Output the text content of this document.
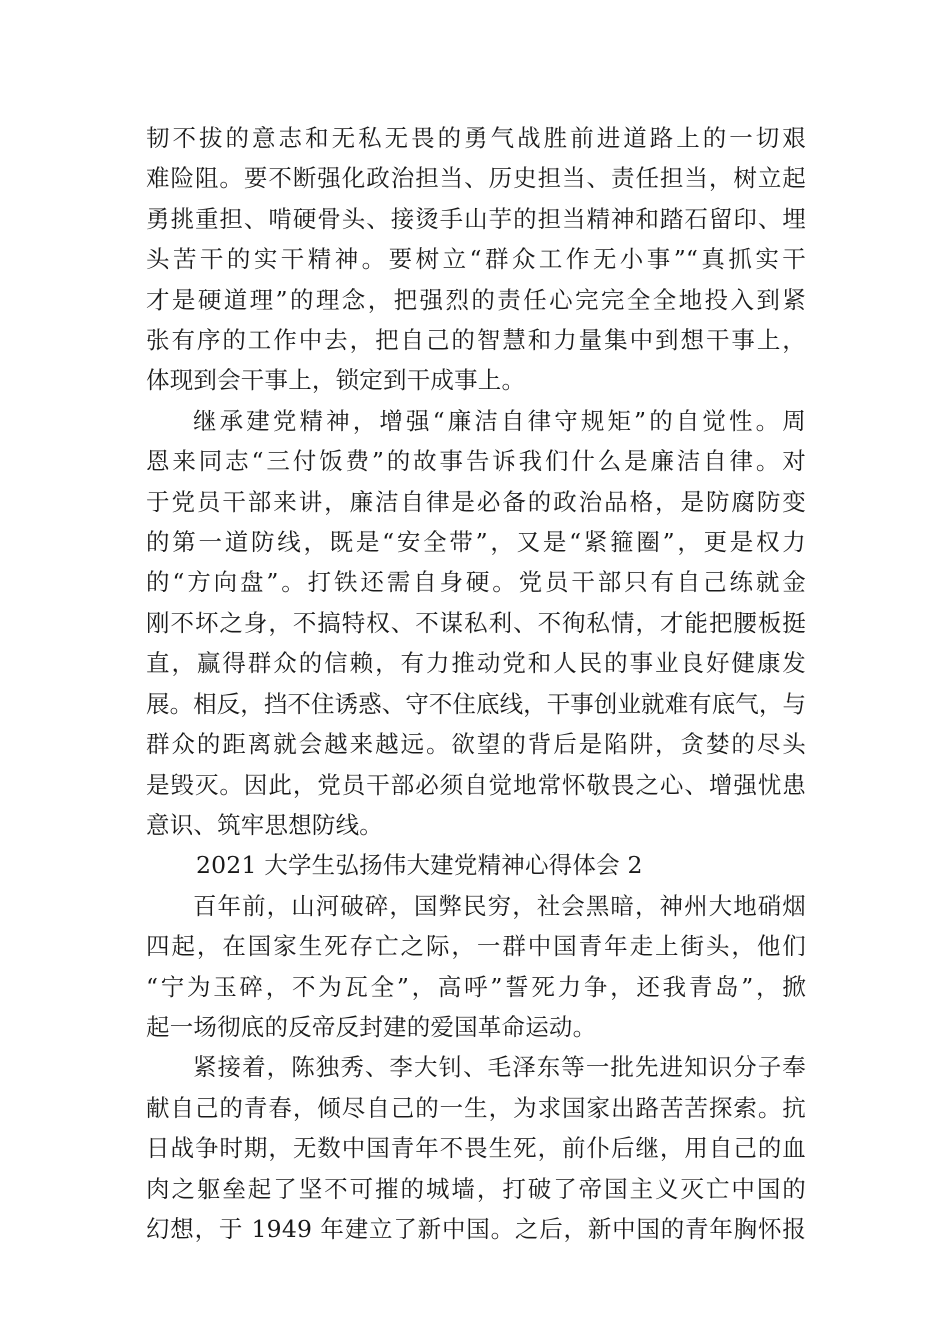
韧不拔的意志和无私无畏的勇气战胜前进道路上的一切艰
难险阻。要不断强化政治担当、历史担当、责任担当，树立起
勇挑重担、啃硬骨头、接烫手山芋的担当精神和踏石留印、埋
头苦干的实干精神。要树立“群众工作无小事”“真抓实干
才是硬道理”的理念，把强烈的责任心完完全全地投入到紧
张有序的工作中去，把自己的智慧和力量集中到想干事上，
体现到会干事上，锁定到干成事上。

继承建党精神，增强“廉洁自律守规矩”的自觉性。周
恩来同志“三付饭费”的故事告诉我们什么是廉洁自律。对
于党员干部来讲，廉洁自律是必备的政治品格，是防腐防变
的第一道防线，既是“安全带”，又是“紧箍圈”，更是权力
的“方向盘”。打铁还需自身硬。党员干部只有自己练就金
刚不坏之身，不搞特权、不谋私利、不徇私情，才能把腰板挺
直，赢得群众的信赖，有力推动党和人民的事业良好健康发
展。相反，挡不住诱惑、守不住底线，干事创业就难有底气，与
群众的距离就会越来越远。欲望的背后是陷阱，贪婪的尽头
是毁灭。因此，党员干部必须自觉地常怀敬畏之心、增强忧患
意识、筑牢思想防线。

2021 大学生弘扬伟大建党精神心得体会 2

百年前，山河破碎，国弊民穷，社会黑暗，神州大地硝烟
四起，在国家生死存亡之际，一群中国青年走上街头，他们
“宁为玉碎，不为瓦全”，高呼”誓死力争，还我青岛”，掀
起一场彻底的反帝反封建的爱国革命运动。

紧接着，陈独秀、李大钊、毛泽东等一批先进知识分子奉
献自己的青春，倾尽自己的一生，为求国家出路苦苦探索。抗
日战争时期，无数中国青年不畏生死，前仆后继，用自己的血
肉之躯垒起了坚不可摧的城墙，打破了帝国主义灭亡中国的
幻想，于 1949 年建立了新中国。之后，新中国的青年胸怀报
